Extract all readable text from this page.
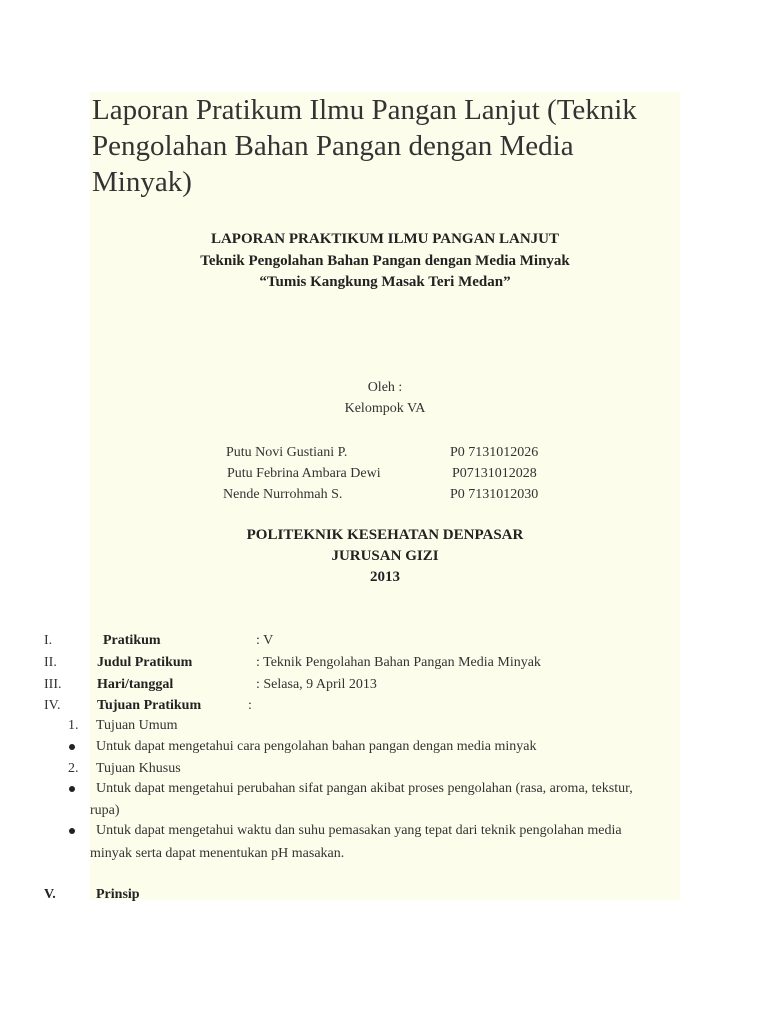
Laporan Pratikum Ilmu Pangan Lanjut (Teknik Pengolahan Bahan Pangan dengan Media Minyak)
LAPORAN PRAKTIKUM ILMU PANGAN LANJUT
Teknik Pengolahan Bahan Pangan dengan Media Minyak
“Tumis Kangkung Masak Teri Medan”
Oleh :
Kelompok VA
Putu Novi Gustiani P.	P0 7131012026
Putu Febrina Ambara Dewi	P07131012028
Nende Nurrohmah S.	P0 7131012030
POLITEKNIK KESEHATAN DENPASAR
JURUSAN GIZI
2013
I.	Pratikum	: V
II.	Judul Pratikum	: Teknik Pengolahan Bahan Pangan Media Minyak
III.	Hari/tanggal	: Selasa, 9 April 2013
IV.	Tujuan Pratikum	:
1. Tujuan Umum
Untuk dapat mengetahui cara pengolahan bahan pangan dengan media minyak
2. Tujuan Khusus
Untuk dapat mengetahui perubahan sifat pangan akibat proses pengolahan (rasa, aroma, tekstur,
rupa)
Untuk dapat mengetahui waktu dan suhu pemasakan yang tepat dari teknik pengolahan media
minyak serta dapat menentukan pH masakan.
V.	Prinsip
